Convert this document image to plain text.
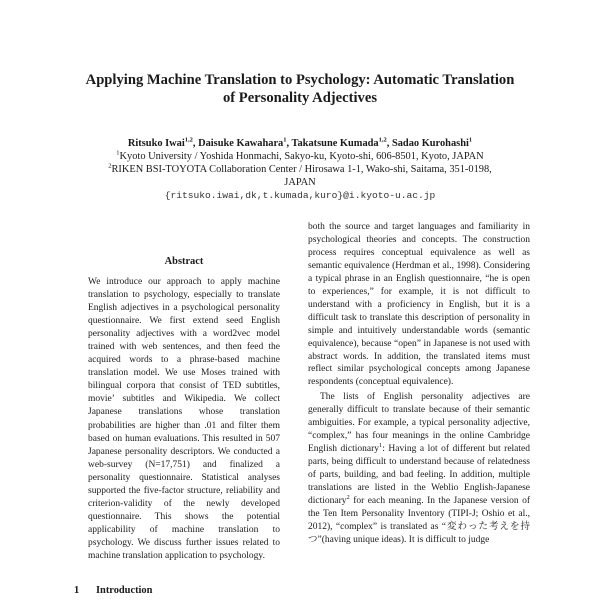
Applying Machine Translation to Psychology: Automatic Translation
of Personality Adjectives
Ritsuko Iwai$^{1,2}$, Daisuke Kawahara$^1$, Takatsune Kumada$^{1,2}$, Sadao Kurohashi$^1$
$^1$Kyoto University / Yoshida Honmachi, Sakyo-ku, Kyoto-shi, 606-8501, Kyoto, JAPAN
$^2$RIKEN BSI-TOYOTA Collaboration Center / Hirosawa 1-1, Wako-shi, Saitama, 351-0198,
JAPAN
{ritsuko.iwai,dk,t.kumada,kuro}@i.kyoto-u.ac.jp
Abstract
We introduce our approach to apply machine translation to psychology, especially to translate English adjectives in a psychological personality questionnaire. We first extend seed English personality adjectives with a word2vec model trained with web sentences, and then feed the acquired words to a phrase-based machine translation model. We use Moses trained with bilingual corpora that consist of TED subtitles, movie’ subtitles and Wikipedia. We collect Japanese translations whose translation probabilities are higher than .01 and filter them based on human evaluations. This resulted in 507 Japanese personality descriptors. We conducted a web-survey (N=17,751) and finalized a personality questionnaire. Statistical analyses supported the five-factor structure, reliability and criterion-validity of the newly developed questionnaire. This shows the potential applicability of machine translation to psychology. We discuss further issues related to machine translation application to psychology.
1 Introduction

both the source and target languages and familiarity in psychological theories and concepts. The construction process requires conceptual equivalence as well as semantic equivalence (Herdman et al., 1998). Considering a typical phrase in an English questionnaire, “he is open to experiences,” for example, it is not difficult to understand with a proficiency in English, but it is a difficult task to translate this description of personality in simple and intuitively understandable words (semantic equivalence), because “open” in Japanese is not used with abstract words. In addition, the translated items must reflect similar psychological concepts among Japanese respondents (conceptual equivalence).

The lists of English personality adjectives are generally difficult to translate because of their semantic ambiguities. For example, a typical personality adjective, “complex,” has four meanings in the online Cambridge English dictionary$^1$: Having a lot of different but related parts, being difficult to understand because of relatedness of parts, building, and bad feeling. In addition, multiple translations are listed in the Weblio English-Japanese dictionary$^2$ for each meaning. In the Japanese version of the Ten Item Personality Inventory (TIPI-J; Oshio et al., 2012), “complex” is translated as “変わった考えを持つ”(having unique ideas). It is difficult to judge
